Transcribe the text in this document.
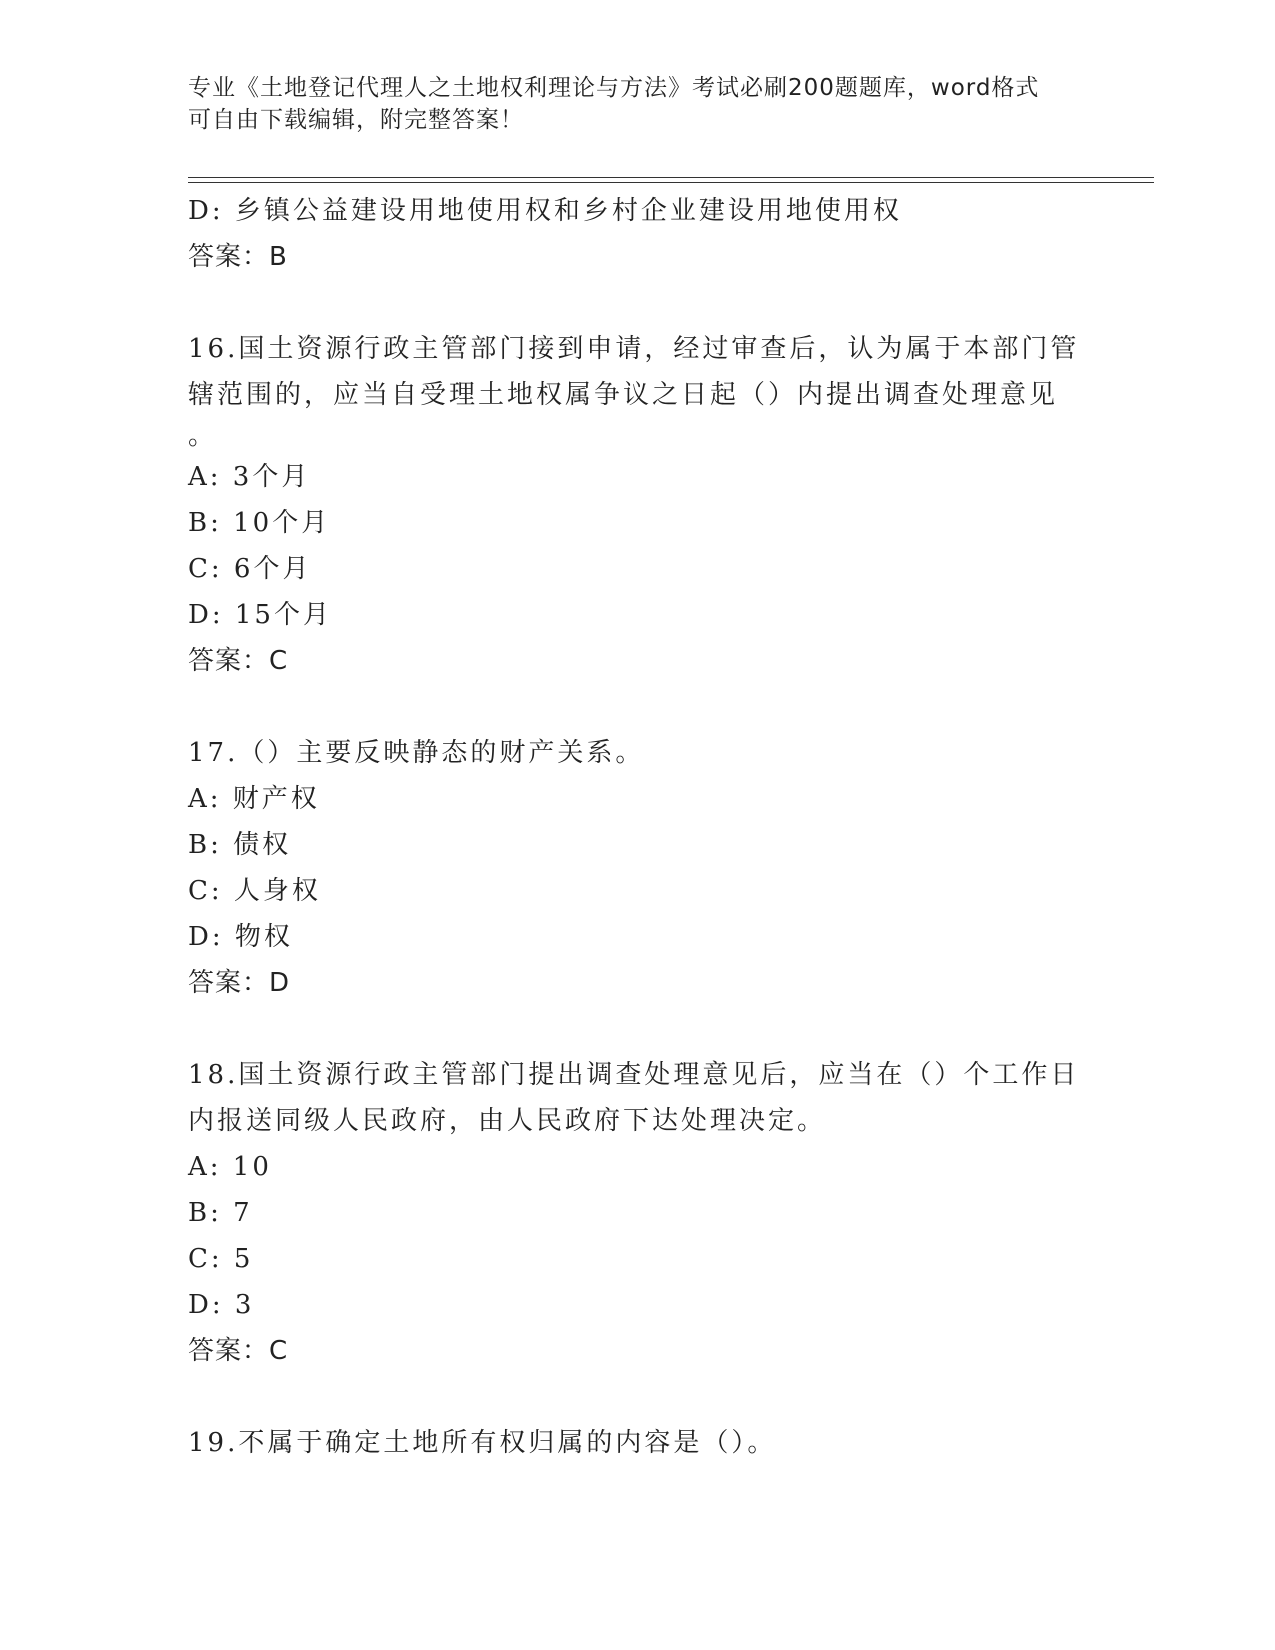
专业《土地登记代理人之土地权利理论与方法》考试必刷200题题库，word格式
可自由下载编辑，附完整答案！
D: 乡镇公益建设用地使用权和乡村企业建设用地使用权
答案：B
16.国土资源行政主管部门接到申请，经过审查后，认为属于本部门管
辖范围的，应当自受理土地权属争议之日起（）内提出调查处理意见
。
A: 3个月
B: 10个月
C: 6个月
D: 15个月
答案：C
17.（）主要反映静态的财产关系。
A: 财产权
B: 债权
C: 人身权
D: 物权
答案：D
18.国土资源行政主管部门提出调查处理意见后，应当在（）个工作日
内报送同级人民政府，由人民政府下达处理决定。
A: 10
B: 7
C: 5
D: 3
答案：C
19.不属于确定土地所有权归属的内容是（）。
